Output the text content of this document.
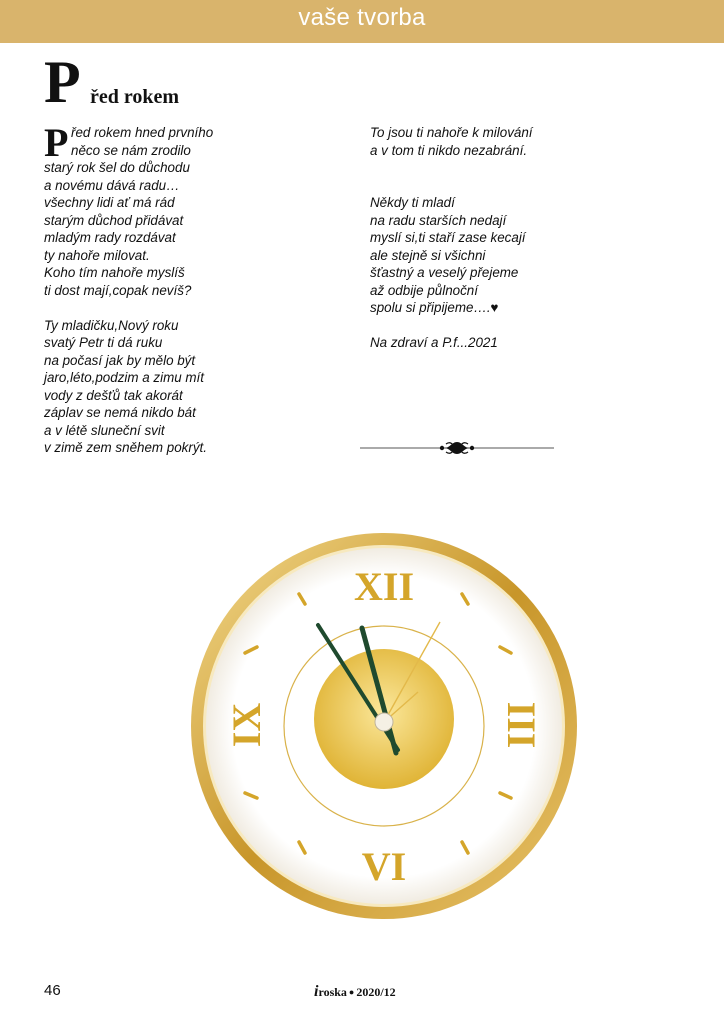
vaše tvorba
P řed rokem
P řed rokem hned prvního
něco se nám zrodilo
starý rok šel do důchodu
a novému dává radu…
všechny lidi ať má rád
starým důchod přidávat
mladým rady rozdávat
ty nahoře milovat.
Koho tím nahoře myslíš
ti dost mají,copak nevíš?
Ty mladičku,Nový roku
svatý Petr ti dá ruku
na počasí jak by mělo být
jaro,léto,podzim a zimu mít
vody z dešťů tak akorát
záplav se nemá nikdo bát
a v létě sluneční svit
v zimě zem sněhem pokrýt.
To jsou ti nahoře k milování
a v tom ti nikdo nezabrání.
Někdy ti mladí
na radu starších nedají
myslí si,ti staří zase kecají
ale stejně si všichni
šťastný a veselý přejeme
až odbije půlnoční
spolu si připijeme….♥
Na zdraví a P.f...2021
XII
III
VI
IX
46	iroska ● 2020/12
